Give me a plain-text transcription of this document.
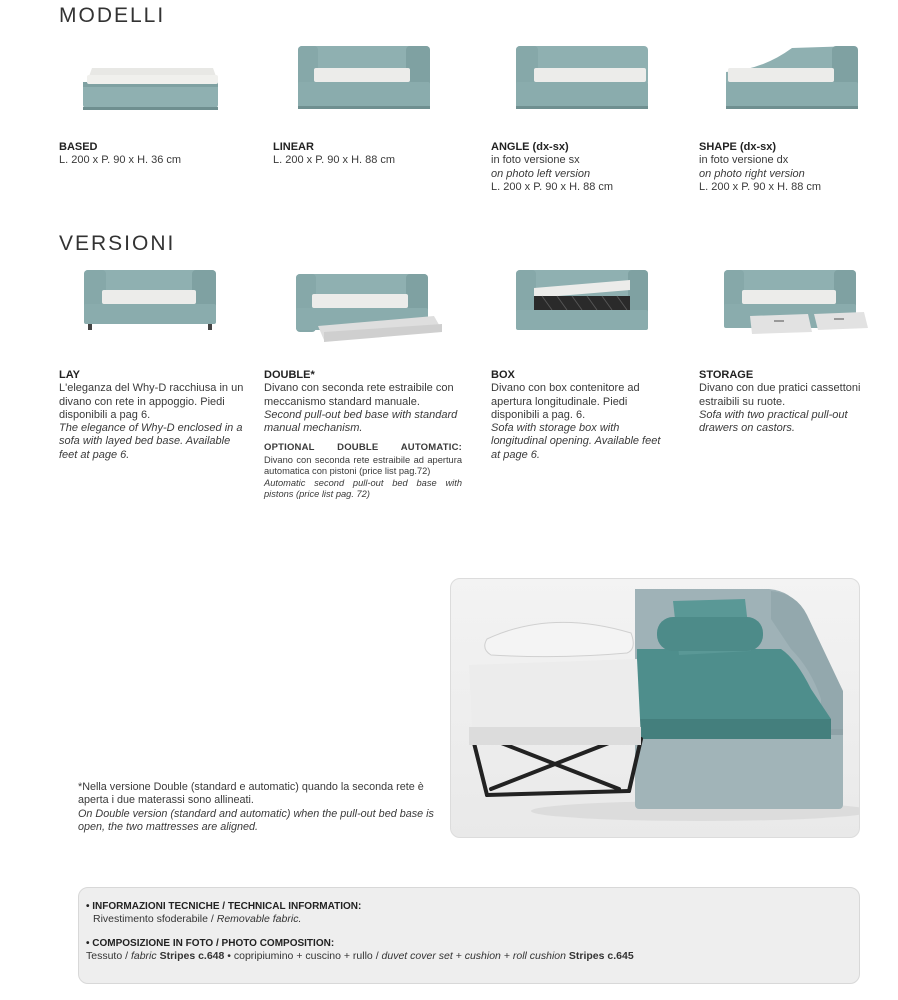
MODELLI
VERSIONI
BASED
L. 200 x P. 90 x H. 36 cm
LINEAR
L. 200 x P. 90 x H. 88 cm
ANGLE (dx-sx)
in foto versione sx
on photo left version
L. 200 x P. 90 x H. 88 cm
SHAPE (dx-sx)
in foto versione dx
on photo right version
L. 200 x P. 90 x H. 88 cm
LAY
L'eleganza del Why-D racchiusa in un divano con rete in appoggio. Piedi disponibili a pag 6.
The elegance of Why-D enclosed in a sofa with layed bed base. Available feet at page 6.
DOUBLE*
Divano con seconda rete estraibile con meccanismo standard manuale.
Second pull-out bed base with standard manual mechanism.
OPTIONAL DOUBLE AUTOMATIC:
Divano con seconda rete estraibile ad apertura automatica con pistoni (price list pag.72)
Automatic second pull-out bed base with pistons (price list pag. 72)
BOX
Divano con box contenitore ad apertura longitudinale. Piedi disponibili a pag. 6.
Sofa with storage box with longitudinal opening. Available feet at page 6.
STORAGE
Divano con due pratici cassettoni estraibili su ruote.
Sofa with two practical pull-out drawers on castors.
*Nella versione Double (standard e automatic) quando la seconda rete è aperta i due materassi sono allineati.
On Double version (standard and automatic) when the pull-out bed base is open, the two mattresses are aligned.
• INFORMAZIONI TECNICHE / TECHNICAL INFORMATION:
Rivestimento sfoderabile / Removable fabric.
• COMPOSIZIONE IN FOTO / PHOTO COMPOSITION:
Tessuto / fabric Stripes c.648 • copripiumino + cuscino + rullo / duvet cover set + cushion + roll cushion Stripes c.645
